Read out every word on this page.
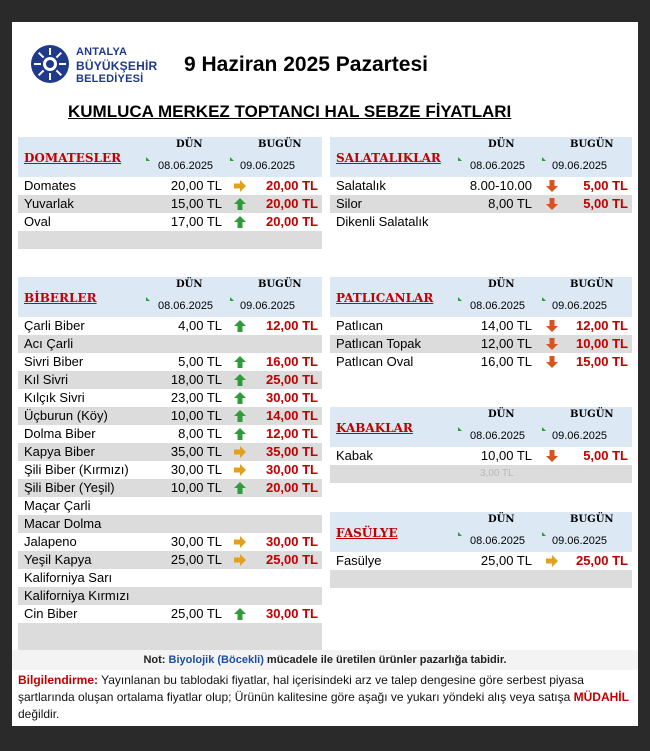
ANTALYA
BÜYÜKŞEHİR
BELEDİYESİ
9 Haziran 2025 Pazartesi
KUMLUCA MERKEZ TOPTANCI HAL SEBZE FİYATLARI
DOMATESLER
DÜN	BUGÜN
08.06.2025 09.06.2025
Domates	20,00 TL	20,00 TL
Yuvarlak	15,00 TL	20,00 TL
Oval	17,00 TL	20,00 TL
SALATALIKLAR
DÜN	BUGÜN
08.06.2025 09.06.2025
Salatalık	8.00-10.00	5,00 TL
Silor	8,00 TL	5,00 TL
Dikenli Salatalık
BİBERLER
DÜN	BUGÜN
08.06.2025 09.06.2025
Çarli Biber	4,00 TL	12,00 TL
Acı Çarli
Sivri Biber	5,00 TL	16,00 TL
Kıl Sivri	18,00 TL	25,00 TL
Kılçık Sivri	23,00 TL	30,00 TL
Üçburun (Köy)	10,00 TL	14,00 TL
Dolma Biber	8,00 TL	12,00 TL
Kapya Biber	35,00 TL	35,00 TL
Şili Biber (Kırmızı)	30,00 TL	30,00 TL
Şili Biber (Yeşil)	10,00 TL	20,00 TL
Maçar Çarli
Macar Dolma
Jalapeno	30,00 TL	30,00 TL
Yeşil Kapya	25,00 TL	25,00 TL
Kaliforniya Sarı
Kaliforniya Kırmızı
Cin Biber	25,00 TL	30,00 TL
PATLICANLAR
DÜN	BUGÜN
08.06.2025 09.06.2025
Patlıcan	14,00 TL	12,00 TL
Patlıcan Topak	12,00 TL	10,00 TL
Patlıcan Oval	16,00 TL	15,00 TL
KABAKLAR
DÜN	BUGÜN
08.06.2025 09.06.2025
Kabak	10,00 TL	5,00 TL
3,00 TL
FASÜLYE
DÜN	BUGÜN
08.06.2025 09.06.2025
Fasülye	25,00 TL	25,00 TL
Not: Biyolojik (Böcekli) mücadele ile üretilen ürünler pazarlığa tabidir.
Bilgilendirme: Yayınlanan bu tablodaki fiyatlar, hal içerisindeki arz ve talep dengesine göre serbest piyasa şartlarında oluşan ortalama fiyatlar olup; Ürünün kalitesine göre aşağı ve yukarı yöndeki alış veya satışa MÜDAHİL değildir.
